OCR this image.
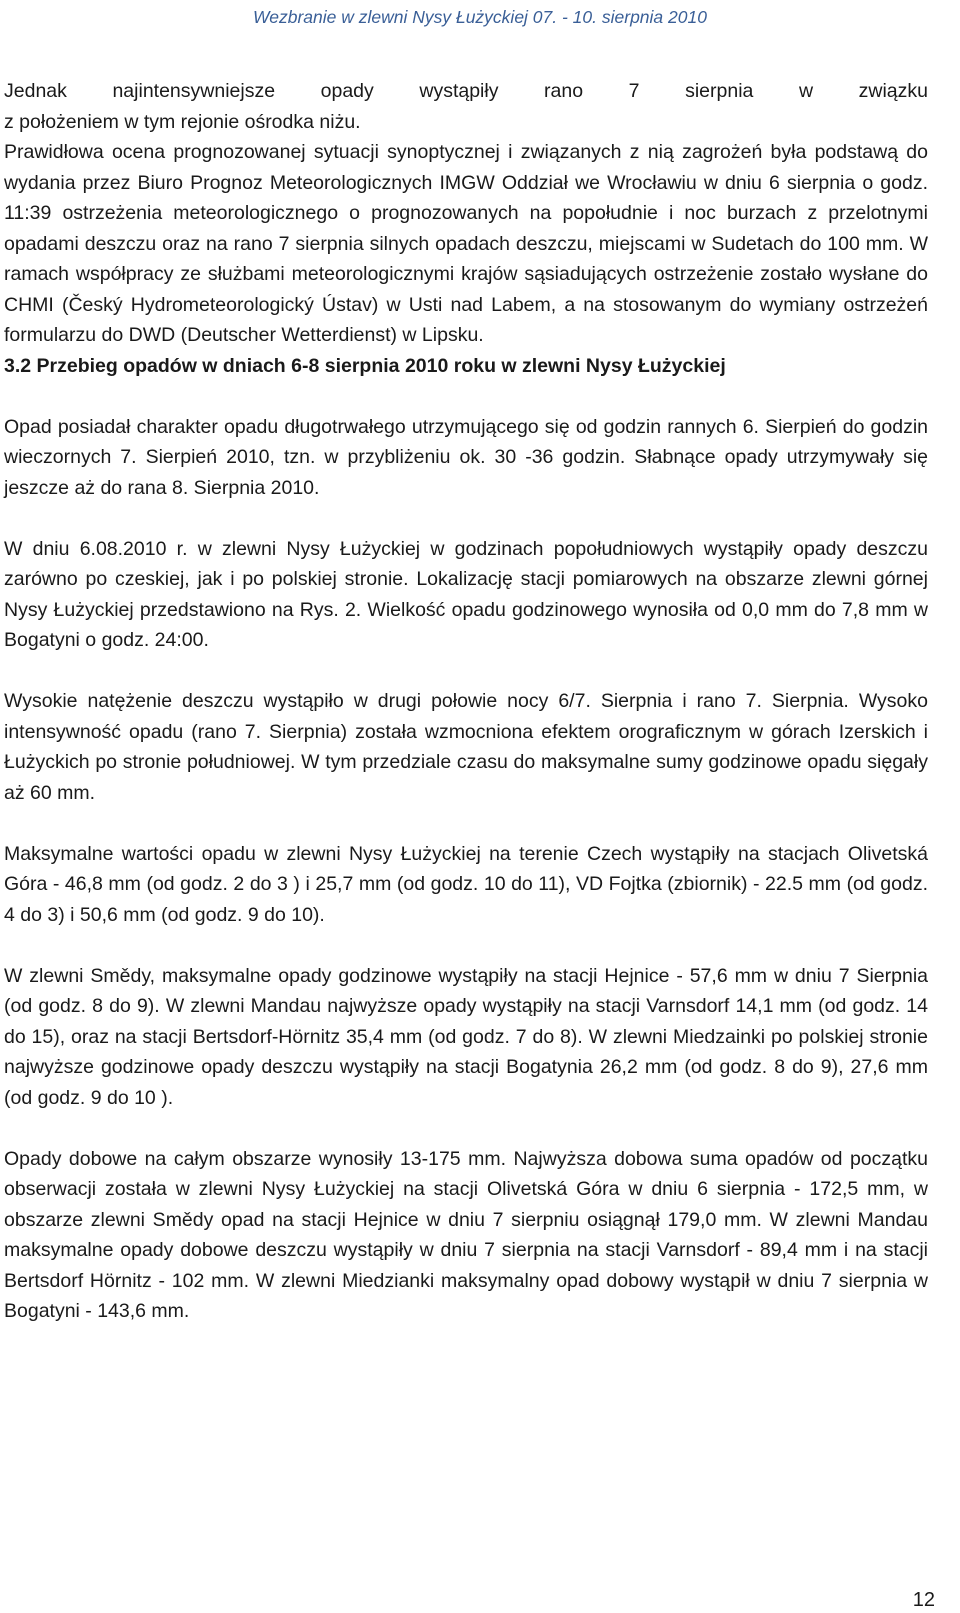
Wezbranie w zlewni Nysy Łużyckiej 07. - 10. sierpnia 2010

Jednak najintensywniejsze opady wystąpiły rano 7 sierpnia w związku

z położeniem w tym rejonie ośrodka niżu.

Prawidłowa ocena prognozowanej sytuacji synoptycznej i związanych z nią zagrożeń była podstawą do wydania przez Biuro Prognoz Meteorologicznych IMGW Oddział we Wrocławiu w dniu 6 sierpnia o godz. 11:39 ostrzeżenia meteorologicznego o prognozowanych na popołudnie i noc burzach z przelotnymi opadami deszczu oraz na rano 7 sierpnia silnych opadach deszczu, miejscami w Sudetach do 100 mm. W ramach współpracy ze służbami meteorologicznymi krajów sąsiadujących ostrzeżenie zostało wysłane do CHMI (Český Hydrometeorologický Ústav) w Usti nad Labem, a na stosowanym do wymiany ostrzeżeń formularzu do DWD (Deutscher Wetterdienst) w Lipsku.

3.2 Przebieg opadów w dniach 6-8 sierpnia 2010 roku w zlewni Nysy Łużyckiej

Opad posiadał charakter opadu długotrwałego utrzymującego się od godzin rannych 6. Sierpień do godzin wieczornych 7. Sierpień 2010, tzn. w przybliżeniu ok. 30 -36 godzin. Słabnące opady utrzymywały się jeszcze aż do rana 8. Sierpnia 2010.

W dniu 6.08.2010 r. w zlewni Nysy Łużyckiej w godzinach popołudniowych wystąpiły opady deszczu zarówno po czeskiej, jak i po polskiej stronie. Lokalizację stacji pomiarowych na obszarze zlewni górnej Nysy Łużyckiej przedstawiono na Rys. 2. Wielkość opadu godzinowego wynosiła od 0,0 mm do 7,8 mm w Bogatyni o godz. 24:00.

Wysokie natężenie deszczu wystąpiło w drugi połowie nocy 6/7. Sierpnia i rano 7. Sierpnia. Wysoko intensywność opadu (rano 7. Sierpnia) została wzmocniona efektem orograficznym w górach Izerskich i Łużyckich po stronie południowej. W tym przedziale czasu do maksymalne sumy godzinowe opadu sięgały aż 60 mm.

Maksymalne wartości opadu w zlewni Nysy Łużyckiej na terenie Czech wystąpiły na stacjach Olivetská Góra - 46,8 mm (od godz. 2 do 3 ) i 25,7 mm (od godz. 10 do 11), VD Fojtka (zbiornik) - 22.5 mm (od godz. 4 do 3) i 50,6 mm (od godz. 9 do 10).

W zlewni Smědy, maksymalne opady godzinowe wystąpiły na stacji Hejnice - 57,6 mm w dniu 7 Sierpnia (od godz. 8 do 9). W zlewni Mandau najwyższe opady wystąpiły na stacji Varnsdorf 14,1 mm (od godz. 14 do 15), oraz na stacji Bertsdorf-Hörnitz 35,4 mm (od godz. 7 do 8). W zlewni Miedzainki po polskiej stronie najwyższe godzinowe opady deszczu wystąpiły na stacji Bogatynia 26,2 mm (od godz. 8 do 9), 27,6 mm (od godz. 9 do 10 ).

Opady dobowe na całym obszarze wynosiły 13-175 mm. Najwyższa dobowa suma opadów od początku obserwacji została w zlewni Nysy Łużyckiej na stacji Olivetská Góra w dniu 6 sierpnia - 172,5 mm, w obszarze zlewni Smědy opad na stacji Hejnice w dniu 7 sierpniu osiągnął 179,0 mm. W zlewni Mandau maksymalne opady dobowe deszczu wystąpiły w dniu 7 sierpnia na stacji Varnsdorf - 89,4 mm i na stacji Bertsdorf Hörnitz - 102 mm. W zlewni Miedzianki maksymalny opad dobowy wystąpił w dniu 7 sierpnia w Bogatyni - 143,6 mm.

12
